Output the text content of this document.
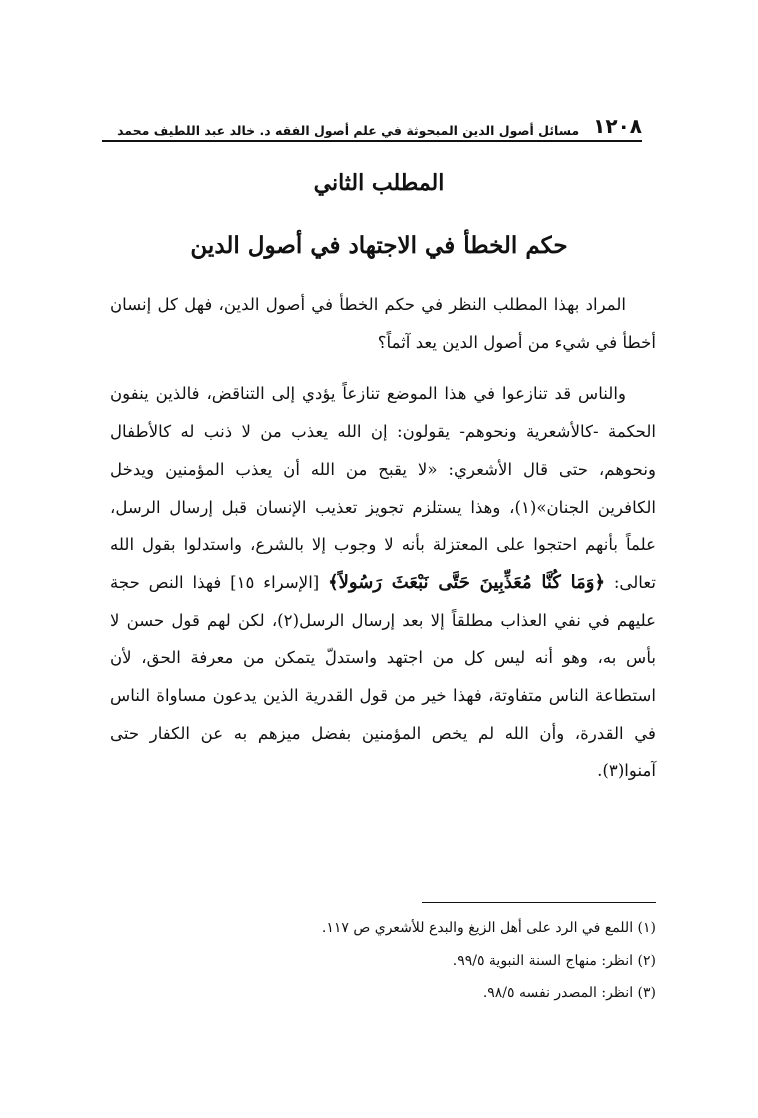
١٢٠٨
مسائل أصول الدين المبحوثة في علم أصول الفقه د. خالد عبد اللطيف محمد
المطلب الثاني
حكم الخطأ في الاجتهاد في أصول الدين

المراد بهذا المطلب النظر في حكم الخطأ في أصول الدين، فهل كل إنسان أخطأ في شيء من أصول الدين يعد آثماً؟

والناس قد تنازعوا في هذا الموضع تنازعاً يؤدي إلى التناقض، فالذين ينفون الحكمة -كالأشعرية ونحوهم- يقولون: إن الله يعذب من لا ذنب له كالأطفال ونحوهم، حتى قال الأشعري: «لا يقبح من الله أن يعذب المؤمنين ويدخل الكافرين الجنان»(١)، وهذا يستلزم تجويز تعذيب الإنسان قبل إرسال الرسل، علماً بأنهم احتجوا على المعتزلة بأنه لا وجوب إلا بالشرع، واستدلوا بقول الله تعالى: ﴿وَمَا كُنَّا مُعَذِّبِينَ حَتَّى نَبْعَثَ رَسُولاً﴾ [الإسراء ١٥] فهذا النص حجة عليهم في نفي العذاب مطلقاً إلا بعد إرسال الرسل(٢)، لكن لهم قول حسن لا بأس به، وهو أنه ليس كل من اجتهد واستدلّ يتمكن من معرفة الحق، لأن استطاعة الناس متفاوتة، فهذا خير من قول القدرية الذين يدعون مساواة الناس في القدرة، وأن الله لم يخص المؤمنين بفضل ميزهم به عن الكفار حتى آمنوا(٣).

(١) اللمع في الرد على أهل الزيغ والبدع للأشعري ص ١١٧.

(٢) انظر: منهاج السنة النبوية ٩٩/٥.

(٣) انظر: المصدر نفسه ٩٨/٥.
